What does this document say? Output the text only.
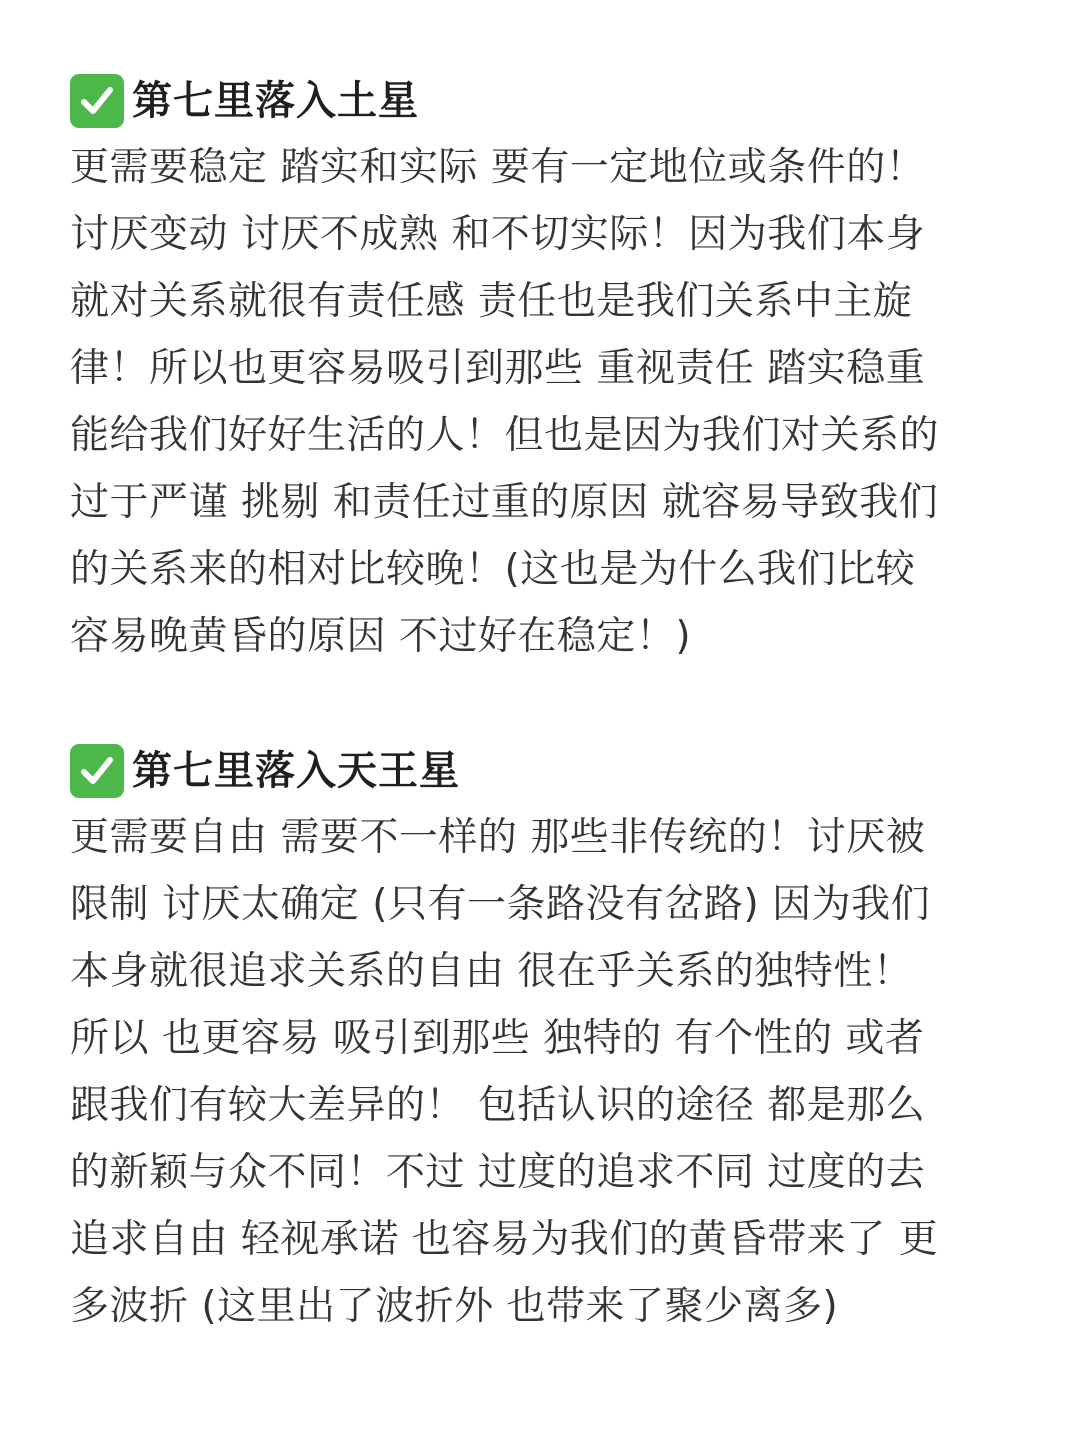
第七里落入土星
更需要稳定 踏实和实际 要有一定地位或条件的！
讨厌变动 讨厌不成熟 和不切实际！因为我们本身
就对关系就很有责任感 责任也是我们关系中主旋
律！所以也更容易吸引到那些 重视责任 踏实稳重
能给我们好好生活的人！但也是因为我们对关系的
过于严谨 挑剔 和责任过重的原因 就容易导致我们
的关系来的相对比较晚！(这也是为什么我们比较
容易晚黄昏的原因 不过好在稳定！)
第七里落入天王星
更需要自由 需要不一样的 那些非传统的！讨厌被
限制 讨厌太确定 (只有一条路没有岔路) 因为我们
本身就很追求关系的自由 很在乎关系的独特性！
所以 也更容易 吸引到那些 独特的 有个性的 或者
跟我们有较大差异的！ 包括认识的途径 都是那么
的新颖与众不同！不过 过度的追求不同 过度的去
追求自由 轻视承诺 也容易为我们的黄昏带来了 更
多波折 (这里出了波折外 也带来了聚少离多)
